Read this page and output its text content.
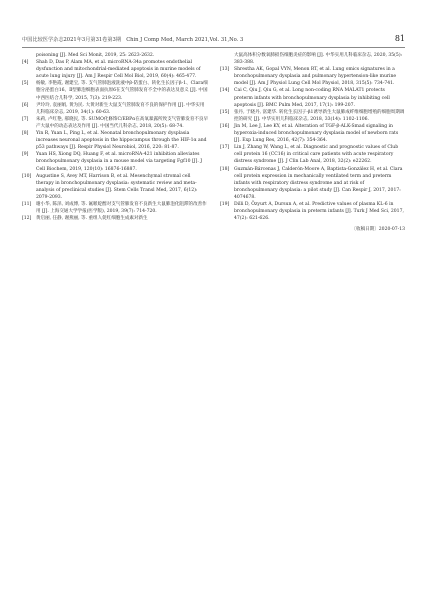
中国比较医学杂志2021年3月第31卷第3期　Chin J Comp Med, March 2021,Vol. 31,No. 3	81
poisoning [J]. Med Sci Monit, 2019, 25: 2623-2632.
[4]	Shah D, Das P, Alam MA, et al. microRNA-34a promotes endothelial dysfunction and mitochondrial-mediated apoptosis in murine models of acute lung injury [J]. Am J Respir Cell Mol Biol, 2019, 60(4): 465-477.
[5]	杨敏, 李艳霞, 谢建宝, 等. 支气管肺泡液洗液中β-防蛋白、转化生长因子β-1、Clara细胞分泌蛋白16、Ⅱ型肺泡细胞表面抗原6在支气管肺发育不全中的表达及意义 [J]. 中国中西医结合儿科学, 2015, 7(3): 219-223.
[6]	尹玲玲, 袁丽娟, 黄为民. 大黄对新生大鼠支气管肺发育不良的保护作用 [J]. 中华实用儿科临床杂志, 2019, 34(1): 60-63.
[7]	朱莉, 卢红艳, 郝晓民, 等. SUMO化修饰C/EBPα在高氧暴露所致支气管肺发育不良早产大鼠中的动态表达及作用 [J]. 中国当代儿科杂志, 2018, 20(5): 68-74.
[8]	Yin R, Yuan L, Ping L, et al. Neonatal bronchopulmonary dysplasia increases neuronal apoptosis in the hippocampus through the HIF-1α and p53 pathways [J]. Respir Physiol Neurobiol, 2016, 220: 81-87.
[9]	Yuan HS, Xiong DQ, Huang F, et al. microRNA-421 inhibition alleviates bronchopulmonary dysplasia in a mouse model via targeting Fgf10 [J]. J Cell Biochem, 2019, 120(10): 16876-16887.
[10]	Augustine S, Avey MT, Harrison B, et al. Mesenchymal stromal cell therapy in bronchopulmonary dysplasia: systematic review and meta-analysis of preclinical studies [J]. Stem Cells Transl Med, 2017, 6(12): 2079-2093.
[11]	谢小华, 陈泽, 刘成博, 等. 氟哌啶醇对支气管肺发育不良新生大鼠肺泡化阻滞的改善作用 [J]. 上海交通大学学报(医学版), 2019, 39(7): 714-720.
[12]	黄启丽, 任静, 谢燕丽, 等. 重组人促红细胞生成素对新生
大鼠高体积分数氧肺损伤细胞炎症的影响 [J]. 中华实用儿科临床杂志, 2020, 35(5): 383-388.
[13]	Shrestha AK, Gopal VYN, Menon RT, et al. Lung omics signatures in a bronchopulmonary dysplasia and pulmonary hypertension-like murine model [J]. Am J Physiol Lung Cell Mol Physiol, 2018, 315(5): 734-741.
[14]	Cai C, Qiu J, Qiu G, et al. Long non-coding RNA MALAT1 protects preterm infants with bronchopulmonary dysplasia by inhibiting cell apoptosis [J]. BMC Pulm Med, 2017, 17(1): 199-207.
[15]	张丹, 于晓丹, 富建华. 转化生长因子-β1诱导新生大鼠肺成纤维细胞增殖的细胞周期调控的研究 [J]. 中华实用儿科临床杂志, 2018, 33(14): 1102-1106.
[16]	Jin M, Lee J, Lee KY, et al. Alteration of TGF-β-ALK-Smad signaling in hyperoxia-induced bronchopulmonary dysplasia model of newborn rats [J]. Exp Lung Res, 2016, 42(7): 354-364.
[17]	Lin J, Zhang W, Wang L, et al. Diagnostic and prognostic values of Club cell protein 16 (CC16) in critical care patients with acute respiratory distress syndrome [J]. J Clin Lab Anal, 2018, 32(2): e22262.
[18]	Guzmán-Bárcenas J, Calderón-Moore A, Baptista-González H, et al. Clara cell protein expression in mechanically ventilated term and preterm infants with respiratory distress syndrome and at risk of bronchopulmonary dysplasia: a pilot study [J]. Can Respir J, 2017, 2017: 4074678.
[19]	Dilli D, Özyurt A, Dursun A, et al. Predictive values of plasma KL-6 in bronchopulmonary dysplasia in preterm infants [J]. Turk J Med Sci, 2017, 47(2): 621-626.
〔收稿日期〕2020-07-13
